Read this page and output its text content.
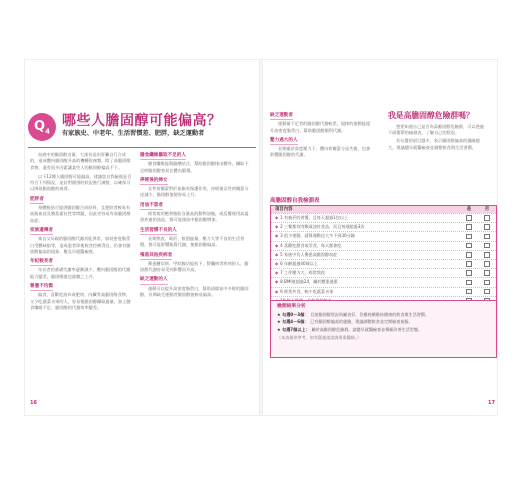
$Q_4$
哪些人膽固醇可能偏高？
有家族史、中老年、生活習慣差、肥胖，缺乏運動者

血液中的膽固醇含量，大部份是由肝臟自行合成的，造成體內膽固醇升高的機轉很複雜，除了高膽固醇食物，還有很多因素讓某些人的膽固醇偏高不下。

以下12種人膽固醇可能偏高，建議您自我檢視是否符合下列情況，並針對個別的狀況進行調整，以確保可以降低膽固醇的威脅。

肥胖者

身體脂肪可提供膽固醇合成原料，且肥胖者較易有高脂血症及胰島素抗性等問題，因此更容易有高膽固醇血症。

家族遺傳者

來自父母親的膽固醇代謝功能異常，如低密度脂蛋白受體缺陷等，造成患者即使飲食控制得宜，仍會有膽固醇偏高的現象，應及早就醫檢查。

年紀較長者

年長者的基礎代謝率逐漸減少，體內膽固醇的代謝能力變差，膽固醇值也就隨之上升。

營養不均衡

偏食、喜歡吃油炸或肥肉、內臟等高膽固醇食物，又少吃蔬菜水果的人，容易使膽固醇攝取過量，加上膳食纖維不足，膽固醇的代謝效率變差。

膳食纖維攝取不足的人

膳食纖維能與膽酸結合，幫助膽固醇排出體外，攝取不足時膽固醇容易在體內累積。

停經後的婦女

女性荷爾蒙對於血脂有保護作用，停經後女性荷爾蒙分泌減少，膽固醇值便容易上升。

用油不當者

經常使用飽和脂肪含量高的動物油脂，或反覆使用高溫油炸過的油品，都可能使血中膽固醇增加。

生活習慣不良的人

長期熬夜、吸菸、飲酒過量、壓力大等不良的生活習慣，都可能影響脂質代謝，使膽固醇偏高。

罹患其他疾病者

罹患糖尿病、甲狀腺功能低下、腎臟病等疾病的人，膽固醇代謝容易受到影響而升高。

缺乏運動的人

運動可以提升高密度脂蛋白，幫助清除血中多餘的膽固醇，長期缺乏運動者膽固醇值較易偏高。

缺乏運動者

運動量不足者的膽固醇代謝較差，規律的運動能提升高密度脂蛋白，幫助膽固醇順利代謝。

壓力過大的人

長期處於高度壓力下，體內荷爾蒙分泌失衡，也會影響膽固醇的代謝。

我是高膽固醇危險群嗎？

想要知道自己是否為高膽固醇危險群，可以透過下面簡單的檢測表，了解自己的狀況。

若勾選的項目越多，表示膽固醇偏高的風險越大，建議儘早就醫檢查並調整飲食與生活習慣。

高膽固醇自我檢測表
項目內容	是	否
◆ 1 有抽菸的習慣，且每天超過1包以上
◆ 2 三餐都有肉類或油炸食品，而且每週超過3次
◆ 3 很少運動，就算運動也大多不到30分鐘
◆ 4 喜歡吃甜食或零食，每天都會吃
◆ 5 家族中有人罹患高膽固醇血症
◆ 6 年齡超過40歲以上
◆ 7 工作壓力大，經常熬夜
◆ 8 BMI值超過24，屬於體重過重
◆ 9 經常外食，較少吃蔬菜水果
檢測結果分析
★ 勾選0～3個： 目前膽固醇狀況尚屬良好，仍應持續維持健康的飲食與生活習慣。
★ 勾選4～6個： 已有膽固醇偏高的風險，建議調整飲食並定期檢查血脂。
★ 勾選7個以上： 屬於高膽固醇危險群，請儘早就醫檢查並積極改善生活型態。
（本表僅供參考，如有疑慮請諮詢專業醫師。）
16	17
